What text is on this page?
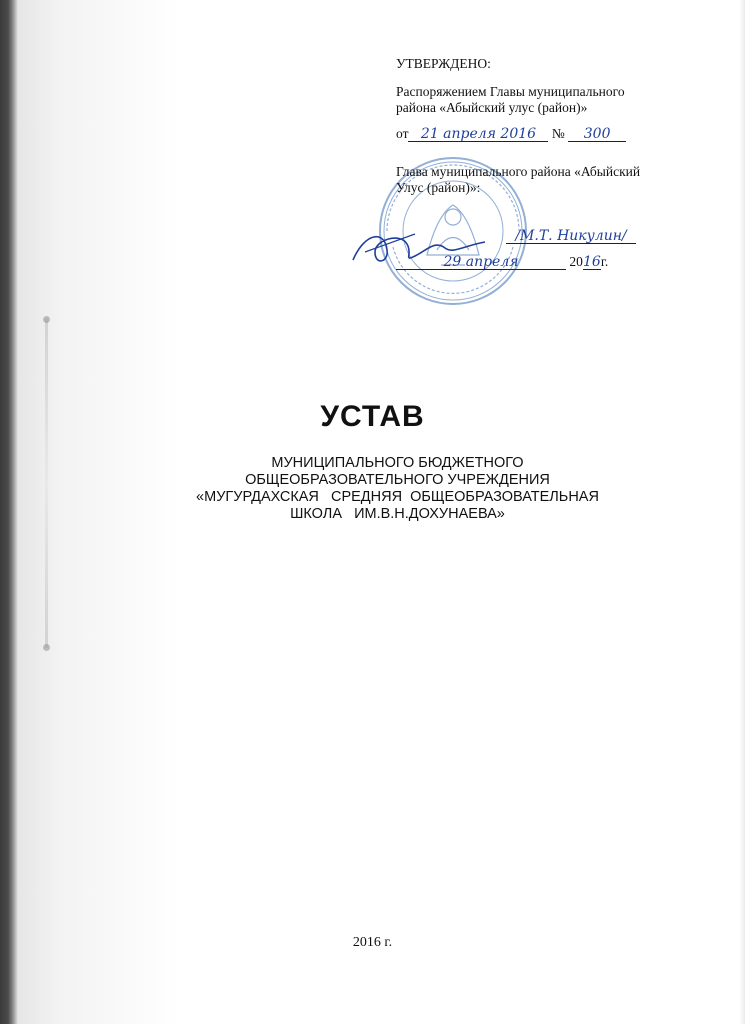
УТВЕРЖДЕНО:
Распоряжением Главы муниципального
района «Абыйский улус (район)»
от 21 апреля 2016 № 300
Глава муниципального района «Абыйский
Улус (район)»:
/М.Т. Никулин/
29 апреля	2016г.
УСТАВ
МУНИЦИПАЛЬНОГО БЮДЖЕТНОГО
ОБЩЕОБРАЗОВАТЕЛЬНОГО УЧРЕЖДЕНИЯ
«МУГУРДАХСКАЯ   СРЕДНЯЯ  ОБЩЕОБРАЗОВАТЕЛЬНАЯ
ШКОЛА   ИМ.В.Н.ДОХУНАЕВА»
2016 г.
